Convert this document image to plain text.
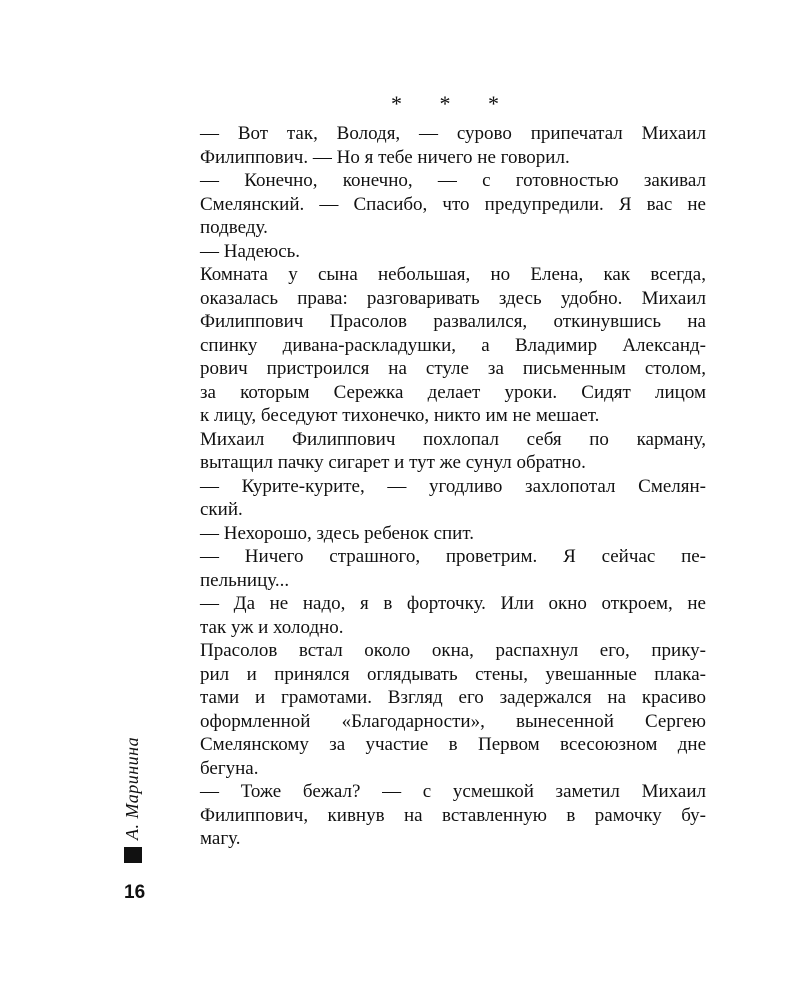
* * *

— Вот так, Володя, — сурово припечатал Михаил
Филиппович. — Но я тебе ничего не говорил.

— Конечно, конечно, — с готовностью закивал
Смелянский. — Спасибо, что предупредили. Я вас не
подведу.

— Надеюсь.

Комната у сына небольшая, но Елена, как всегда,
оказалась права: разговаривать здесь удобно. Михаил
Филиппович Прасолов развалился, откинувшись на
спинку дивана-раскладушки, а Владимир Александ-
рович пристроился на стуле за письменным столом,
за которым Сережка делает уроки. Сидят лицом
к лицу, беседуют тихонечко, никто им не мешает.

Михаил Филиппович похлопал себя по карману,
вытащил пачку сигарет и тут же сунул обратно.

— Курите-курите, — угодливо захлопотал Смелян-
ский.

— Нехорошо, здесь ребенок спит.

— Ничего страшного, проветрим. Я сейчас пе-
пельницу...

— Да не надо, я в форточку. Или окно откроем, не
так уж и холодно.

Прасолов встал около окна, распахнул его, прику-
рил и принялся оглядывать стены, увешанные плака-
тами и грамотами. Взгляд его задержался на красиво
оформленной «Благодарности», вынесенной Сергею
Смелянскому за участие в Первом всесоюзном дне
бегуна.

— Тоже бежал? — с усмешкой заметил Михаил
Филиппович, кивнув на вставленную в рамочку бу-
магу.

А. Маринина
16
